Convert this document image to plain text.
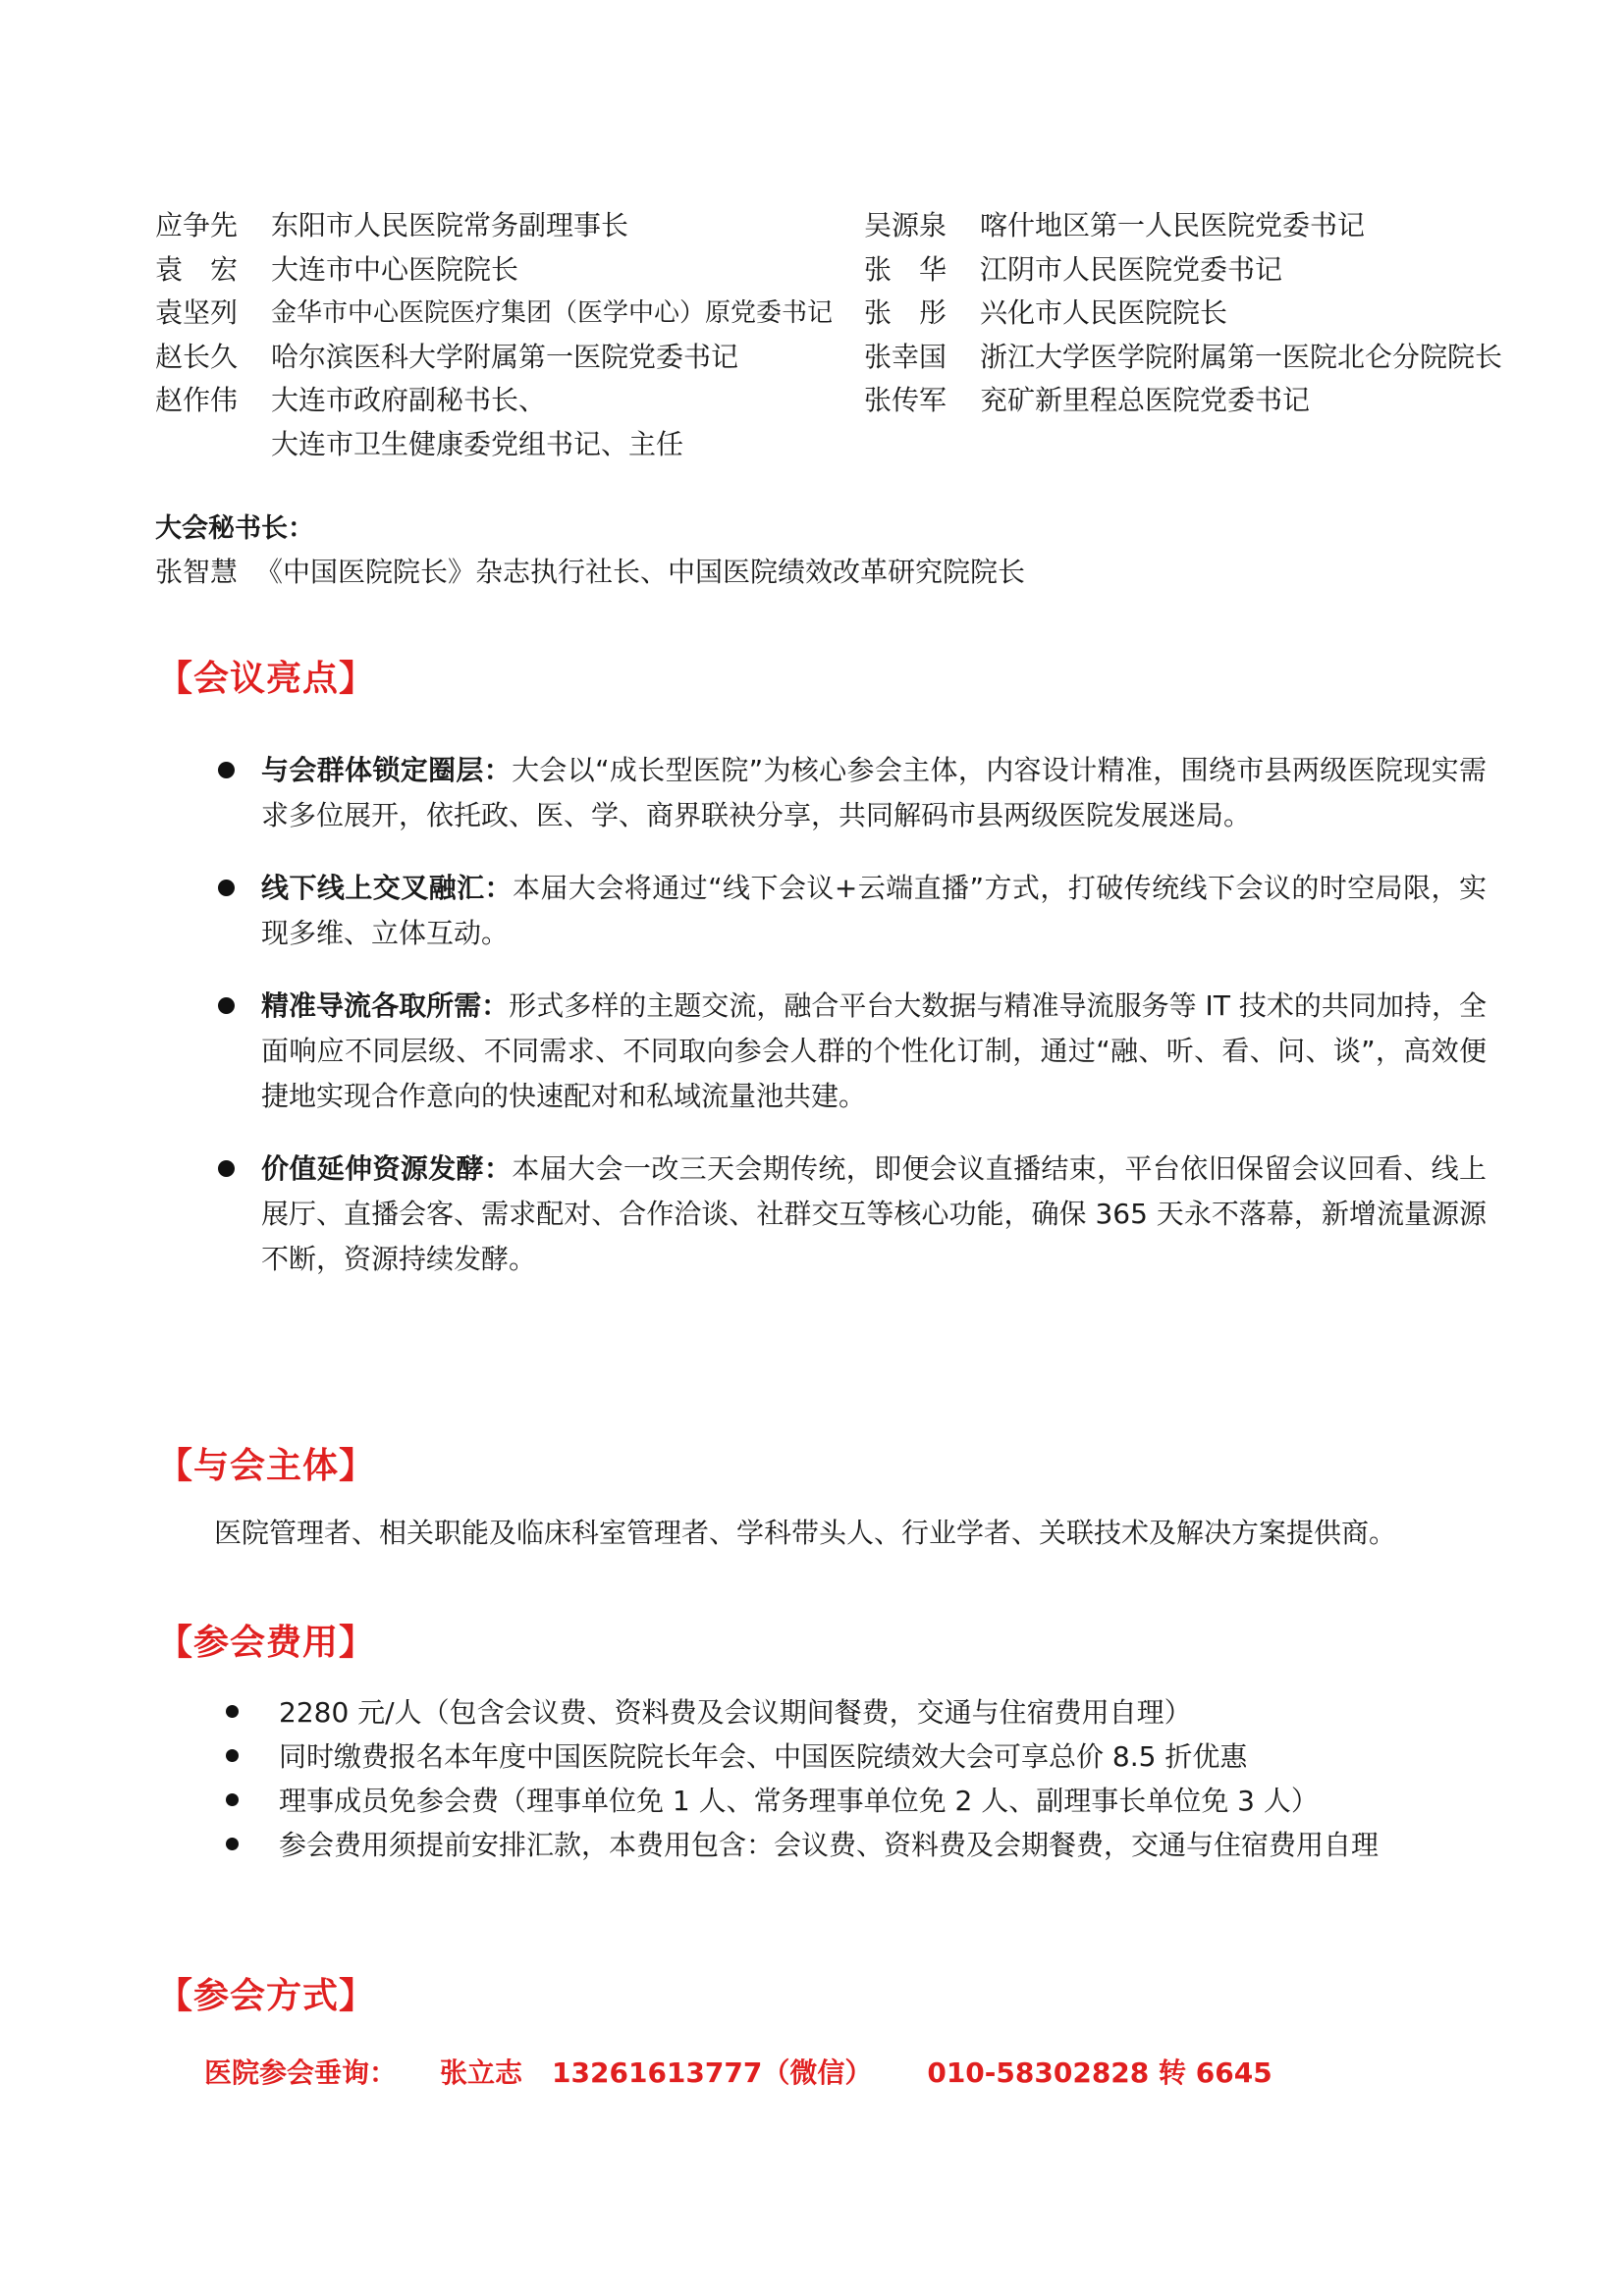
应争先	东阳市人民医院常务副理事长
袁　宏	大连市中心医院院长
袁坚列	金华市中心医院医疗集团（医学中心）原党委书记
赵长久	哈尔滨医科大学附属第一医院党委书记
赵作伟	大连市政府副秘书长、
大连市卫生健康委党组书记、主任
吴源泉	喀什地区第一人民医院党委书记
张　华	江阴市人民医院党委书记
张　彤	兴化市人民医院院长
张幸国	浙江大学医学院附属第一医院北仑分院院长
张传军	兖矿新里程总医院党委书记
大会秘书长：
张智慧 《中国医院院长》杂志执行社长、中国医院绩效改革研究院院长
【会议亮点】
与会群体锁定圈层：大会以“成长型医院”为核心参会主体，内容设计精准，围绕市县两级医院现实需求多位展开，依托政、医、学、商界联袂分享，共同解码市县两级医院发展迷局。
线下线上交叉融汇：本届大会将通过“线下会议+云端直播”方式，打破传统线下会议的时空局限，实现多维、立体互动。
精准导流各取所需：形式多样的主题交流，融合平台大数据与精准导流服务等 IT 技术的共同加持，全面响应不同层级、不同需求、不同取向参会人群的个性化订制，通过“融、听、看、问、谈”，高效便捷地实现合作意向的快速配对和私域流量池共建。
价值延伸资源发酵：本届大会一改三天会期传统，即便会议直播结束，平台依旧保留会议回看、线上展厅、直播会客、需求配对、合作洽谈、社群交互等核心功能，确保 365 天永不落幕，新增流量源源不断，资源持续发酵。
【与会主体】
医院管理者、相关职能及临床科室管理者、学科带头人、行业学者、关联技术及解决方案提供商。
【参会费用】
2280 元/人（包含会议费、资料费及会议期间餐费，交通与住宿费用自理）
同时缴费报名本年度中国医院院长年会、中国医院绩效大会可享总价 8.5 折优惠
理事成员免参会费（理事单位免 1 人、常务理事单位免 2 人、副理事长单位免 3 人）
参会费用须提前安排汇款，本费用包含：会议费、资料费及会期餐费，交通与住宿费用自理
【参会方式】
医院参会垂询： 张立志 13261613777（微信） 010-58302828 转 6645
